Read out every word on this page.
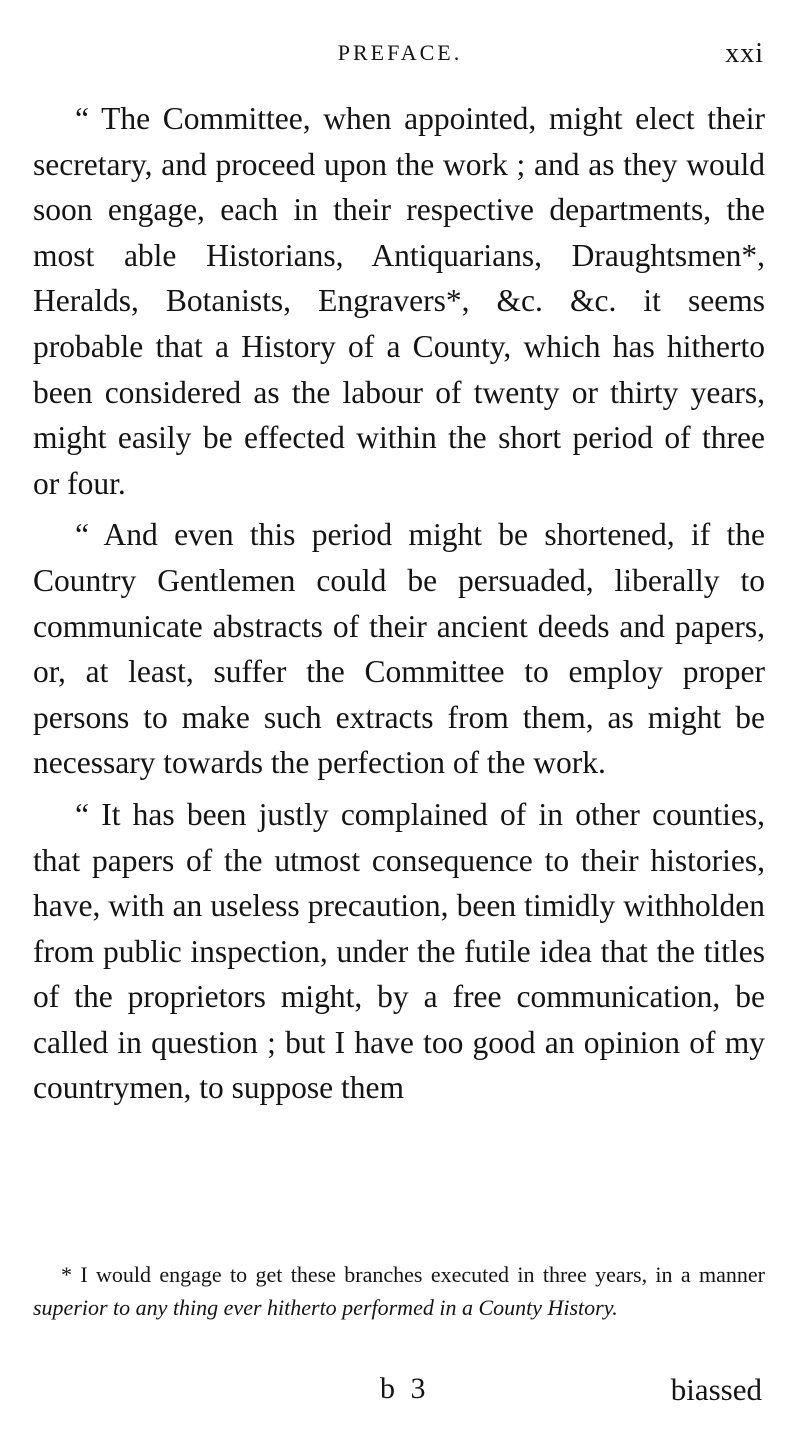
PREFACE.	xxi

“ The Committee, when appointed, might elect their secretary, and proceed upon the work ; and as they would soon engage, each in their respective departments, the most able Historians, Antiquarians, Draughtsmen*, Heralds, Botanists, Engravers*, &c. &c. it seems probable that a History of a County, which has hitherto been considered as the labour of twenty or thirty years, might easily be effected within the short period of three or four.

“ And even this period might be shortened, if the Country Gentlemen could be persuaded, liberally to communicate abstracts of their ancient deeds and papers, or, at least, suffer the Committee to employ proper persons to make such extracts from them, as might be necessary towards the perfection of the work.

“ It has been justly complained of in other counties, that papers of the utmost consequence to their histories, have, with an useless precaution, been timidly withholden from public inspection, under the futile idea that the titles of the proprietors might, by a free communication, be called in question ; but I have too good an opinion of my countrymen, to suppose them

* I would engage to get these branches executed in three years, in a manner superior to any thing ever hitherto performed in a County History.

b 3	biassed
